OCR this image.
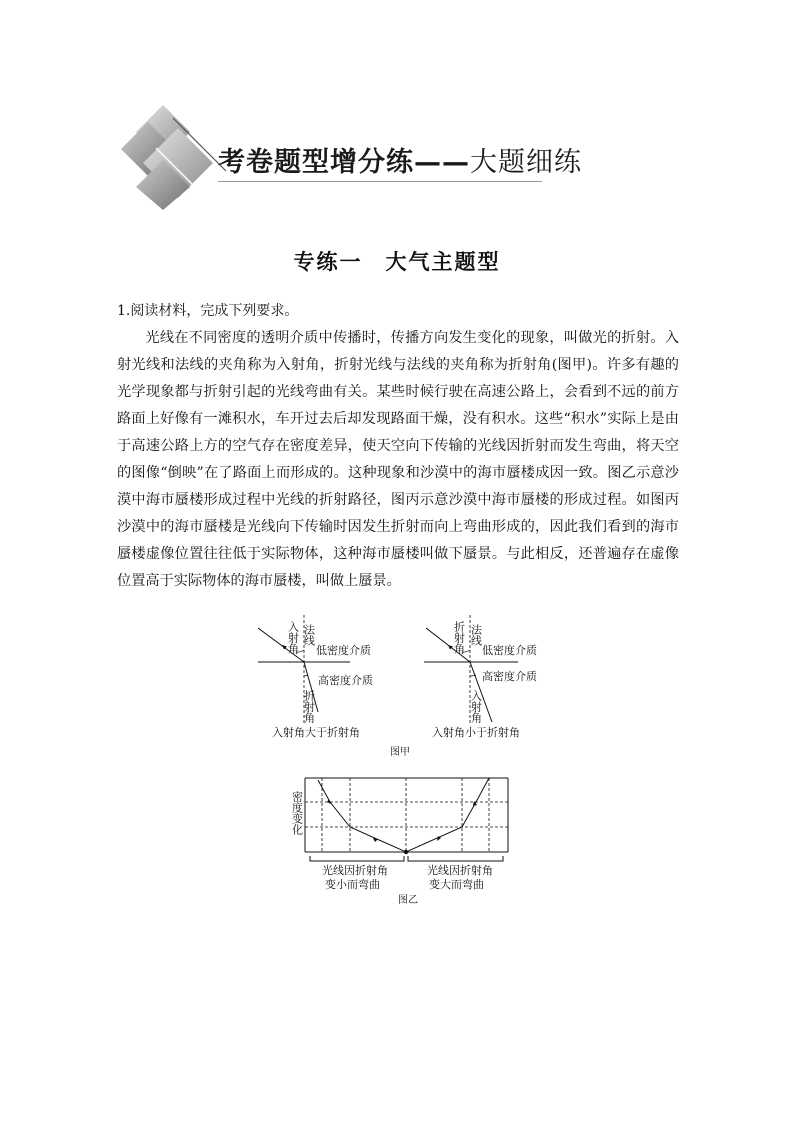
考卷题型增分练——大题细练
专练一　大气主题型
1.阅读材料，完成下列要求。
光线在不同密度的透明介质中传播时，传播方向发生变化的现象，叫做光的折射。入射光线和法线的夹角称为入射角，折射光线与法线的夹角称为折射角(图甲)。许多有趣的光学现象都与折射引起的光线弯曲有关。某些时候行驶在高速公路上，会看到不远的前方路面上好像有一滩积水，车开过去后却发现路面干燥，没有积水。这些“积水”实际上是由于高速公路上方的空气存在密度差异，使天空向下传输的光线因折射而发生弯曲，将天空的图像“倒映”在了路面上而形成的。这种现象和沙漠中的海市蜃楼成因一致。图乙示意沙漠中海市蜃楼形成过程中光线的折射路径，图丙示意沙漠中海市蜃楼的形成过程。如图丙沙漠中的海市蜃楼是光线向下传输时因发生折射而向上弯曲形成的，因此我们看到的海市蜃楼虚像位置往往低于实际物体，这种海市蜃楼叫做下蜃景。与此相反，还普遍存在虚像位置高于实际物体的海市蜃楼，叫做上蜃景。
法线
入射角 低密度介质
高密度介质
折射角
入射角大于折射角
法线
折射角 低密度介质
高密度介质
入射角
入射角小于折射角
图甲
密度变化
光线因折射角
变小而弯曲
光线因折射角
变大而弯曲
图乙
